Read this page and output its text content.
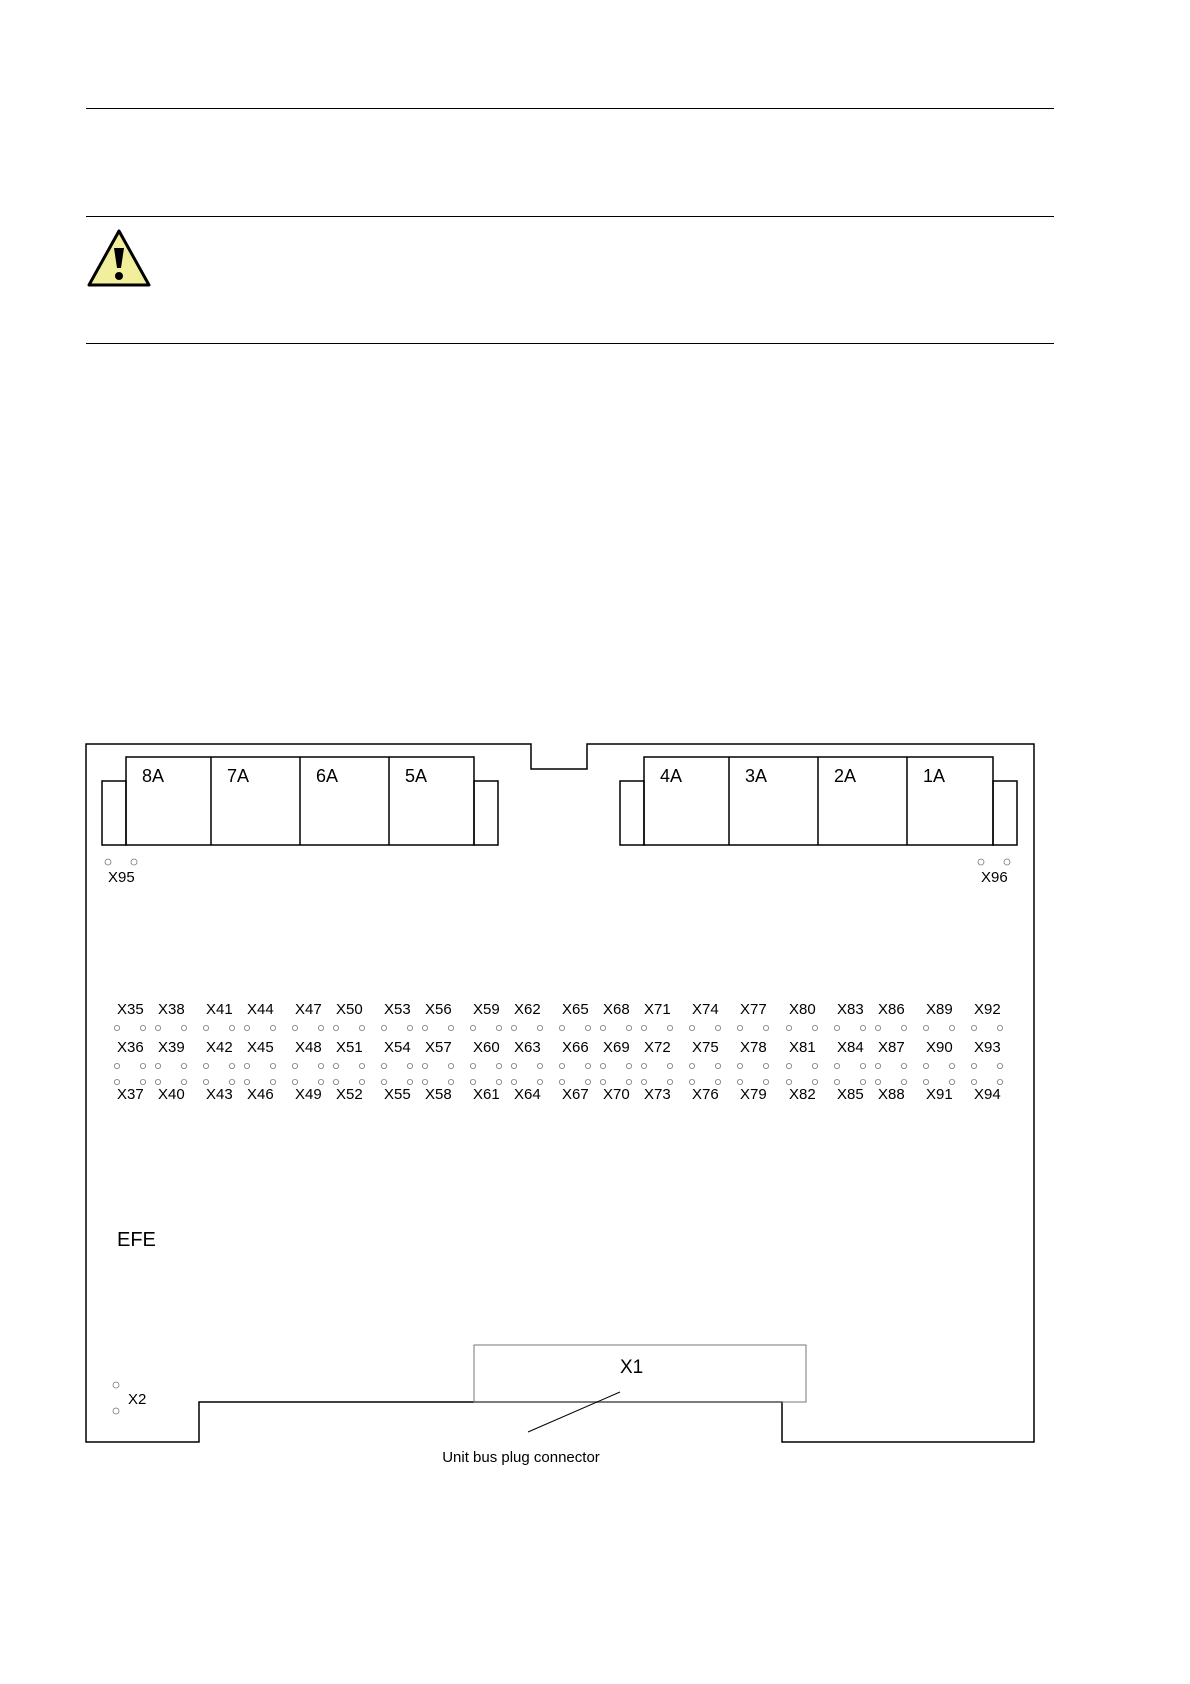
8A	7A	6A	5A	4A	3A	2A	1A
X95	X96
X35 X38 X41 X44 X47 X50 X53 X56 X59 X62 X65 X68 X71 X74 X77 X80 X83 X86 X89 X92
X36 X39 X42 X45 X48 X51 X54 X57 X60 X63 X66 X69 X72 X75 X78 X81 X84 X87 X90 X93
X37 X40 X43 X46 X49 X52 X55 X58 X61 X64 X67 X70 X73 X76 X79 X82 X85 X88 X91 X94
EFE
X2
X1
Unit bus plug connector
